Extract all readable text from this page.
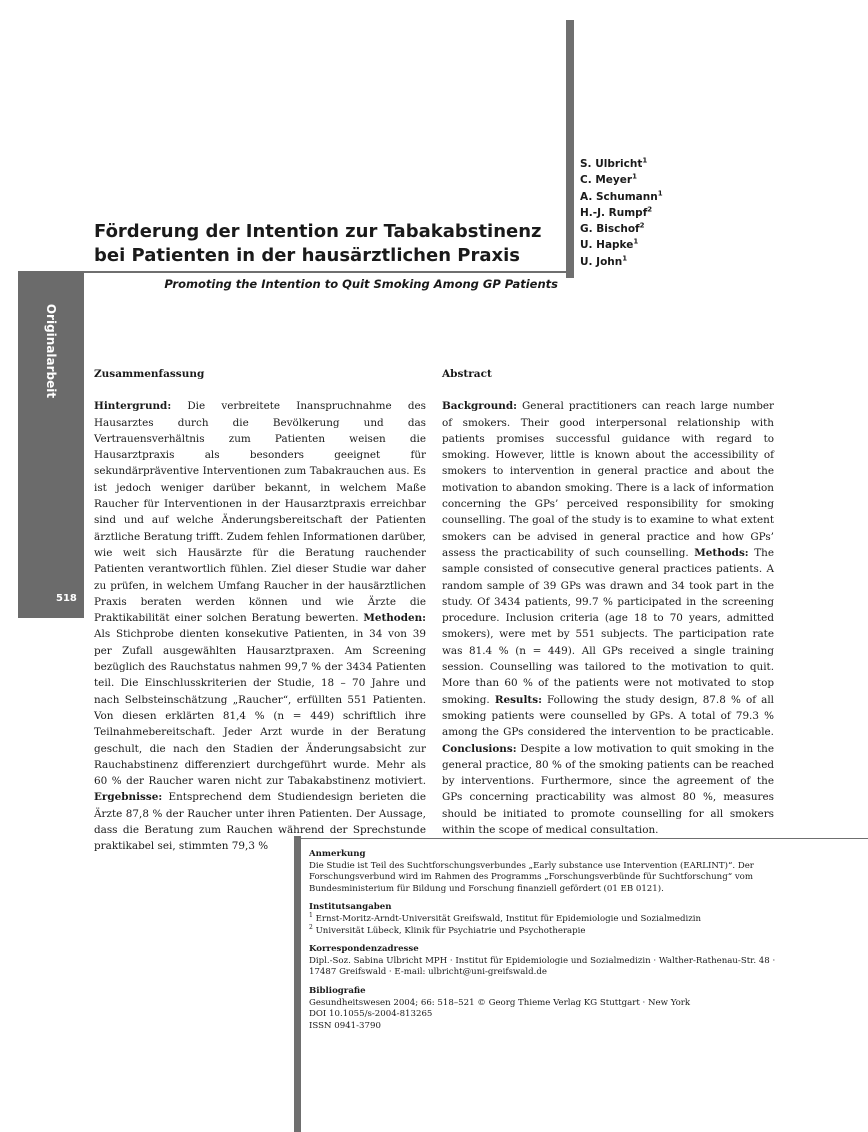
S. Ulbricht$^1$
C. Meyer$^1$
A. Schumann$^1$
H.-J. Rumpf$^2$
G. Bischof$^2$
U. Hapke$^1$
U. John$^1$
Förderung der Intention zur Tabakabstinenz bei Patienten in der hausärztlichen Praxis
Promoting the Intention to Quit Smoking Among GP Patients
Originalarbeit
518
Zusammenfassung

Hintergrund: Die verbreitete Inanspruchnahme des Hausarztes durch die Bevölkerung und das Vertrauensverhältnis zum Patienten weisen die Hausarztpraxis als besonders geeignet für sekundärpräventive Interventionen zum Tabakrauchen aus. Es ist jedoch weniger darüber bekannt, in welchem Maße Raucher für Interventionen in der Hausarztpraxis erreichbar sind und auf welche Änderungsbereitschaft der Patienten ärztliche Beratung trifft. Zudem fehlen Informationen darüber, wie weit sich Hausärzte für die Beratung rauchender Patienten verantwortlich fühlen. Ziel dieser Studie war daher zu prüfen, in welchem Umfang Raucher in der hausärztlichen Praxis beraten werden können und wie Ärzte die Praktikabilität einer solchen Beratung bewerten. Methoden: Als Stichprobe dienten konsekutive Patienten, in 34 von 39 per Zufall ausgewählten Hausarztpraxen. Am Screening bezüglich des Rauchstatus nahmen 99,7 % der 3434 Patienten teil. Die Einschlusskriterien der Studie, 18 – 70 Jahre und nach Selbsteinschätzung „Raucher“, erfüllten 551 Patienten. Von diesen erklärten 81,4 % (n = 449) schriftlich ihre Teilnahmebereitschaft. Jeder Arzt wurde in der Beratung geschult, die nach den Stadien der Änderungsabsicht zur Rauchabstinenz differenziert durchgeführt wurde. Mehr als 60 % der Raucher waren nicht zur Tabakabstinenz motiviert. Ergebnisse: Entsprechend dem Studiendesign berieten die Ärzte 87,8 % der Raucher unter ihren Patienten. Der Aussage, dass die Beratung zum Rauchen während der Sprechstunde praktikabel sei, stimmten 79,3 %

Abstract

Background: General practitioners can reach large number of smokers. Their good interpersonal relationship with patients promises successful guidance with regard to smoking. However, little is known about the accessibility of smokers to intervention in general practice and about the motivation to abandon smoking. There is a lack of information concerning the GPs’ perceived responsibility for smoking counselling. The goal of the study is to examine to what extent smokers can be advised in general practice and how GPs’ assess the practicability of such counselling. Methods: The sample consisted of consecutive general practices patients. A random sample of 39 GPs was drawn and 34 took part in the study. Of 3434 patients, 99.7 % participated in the screening procedure. Inclusion criteria (age 18 to 70 years, admitted smokers), were met by 551 subjects. The participation rate was 81.4 % (n = 449). All GPs received a single training session. Counselling was tailored to the motivation to quit. More than 60 % of the patients were not motivated to stop smoking. Results: Following the study design, 87.8 % of all smoking patients were counselled by GPs. A total of 79.3 % among the GPs considered the intervention to be practicable. Conclusions: Despite a low motivation to quit smoking in the general practice, 80 % of the smoking patients can be reached by interventions. Furthermore, since the agreement of the GPs concerning practicability was almost 80 %, measures should be initiated to promote counselling for all smokers within the scope of medical consultation.

Anmerkung
Die Studie ist Teil des Suchtforschungsverbundes „Early substance use Intervention (EARLINT)“. Der Forschungsverbund wird im Rahmen des Programms „Forschungsverbünde für Suchtforschung“ vom Bundesministerium für Bildung und Forschung finanziell gefördert (01 EB 0121).
Institutsangaben
$^1$ Ernst-Moritz-Arndt-Universität Greifswald, Institut für Epidemiologie und Sozialmedizin
$^2$ Universität Lübeck, Klinik für Psychiatrie und Psychotherapie
Korrespondenzadresse
Dipl.-Soz. Sabina Ulbricht MPH · Institut für Epidemiologie und Sozialmedizin · Walther-Rathenau-Str. 48 · 17487 Greifswald · E-mail: ulbricht@uni-greifswald.de
Bibliografie
Gesundheitswesen 2004; 66: 518–521 © Georg Thieme Verlag KG Stuttgart · New York
DOI 10.1055/s-2004-813265
ISSN 0941-3790
